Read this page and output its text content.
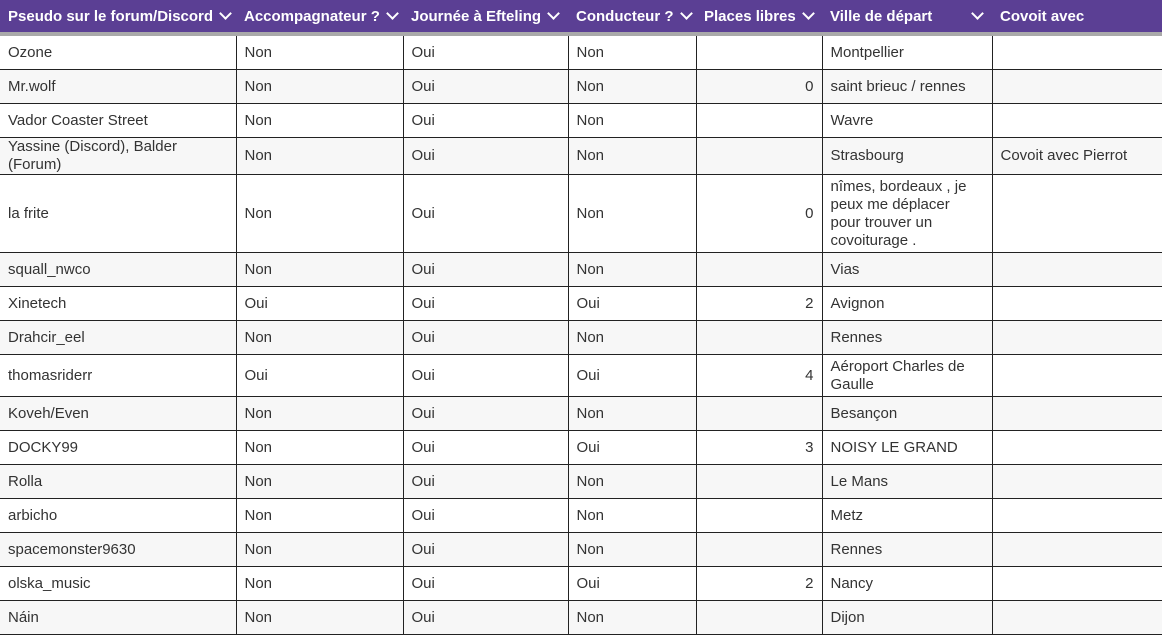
Pseudo sur le forum/Discord	Accompagnateur ?	Journée à Efteling	Conducteur ?	Places libres	Ville de départ	Covoit avec

Ozone	Non	Oui	Non		Montpellier	
Mr.wolf	Non	Oui	Non	0	saint brieuc / rennes	
Vador Coaster Street	Non	Oui	Non		Wavre	
Yassine (Discord), Balder (Forum)	Non	Oui	Non		Strasbourg	Covoit avec Pierrot
la frite	Non	Oui	Non	0	nîmes, bordeaux , je peux me déplacer pour trouver un covoiturage .	
squall_nwco	Non	Oui	Non		Vias	
Xinetech	Oui	Oui	Oui	2	Avignon	
Drahcir_eel	Non	Oui	Non		Rennes	
thomasriderr	Oui	Oui	Oui	4	Aéroport Charles de Gaulle	
Koveh/Even	Non	Oui	Non		Besançon	
DOCKY99	Non	Oui	Oui	3	NOISY LE GRAND	
Rolla	Non	Oui	Non		Le Mans	
arbicho	Non	Oui	Non		Metz	
spacemonster9630	Non	Oui	Non		Rennes	
olska_music	Non	Oui	Oui	2	Nancy	
Náin	Non	Oui	Non		Dijon	
